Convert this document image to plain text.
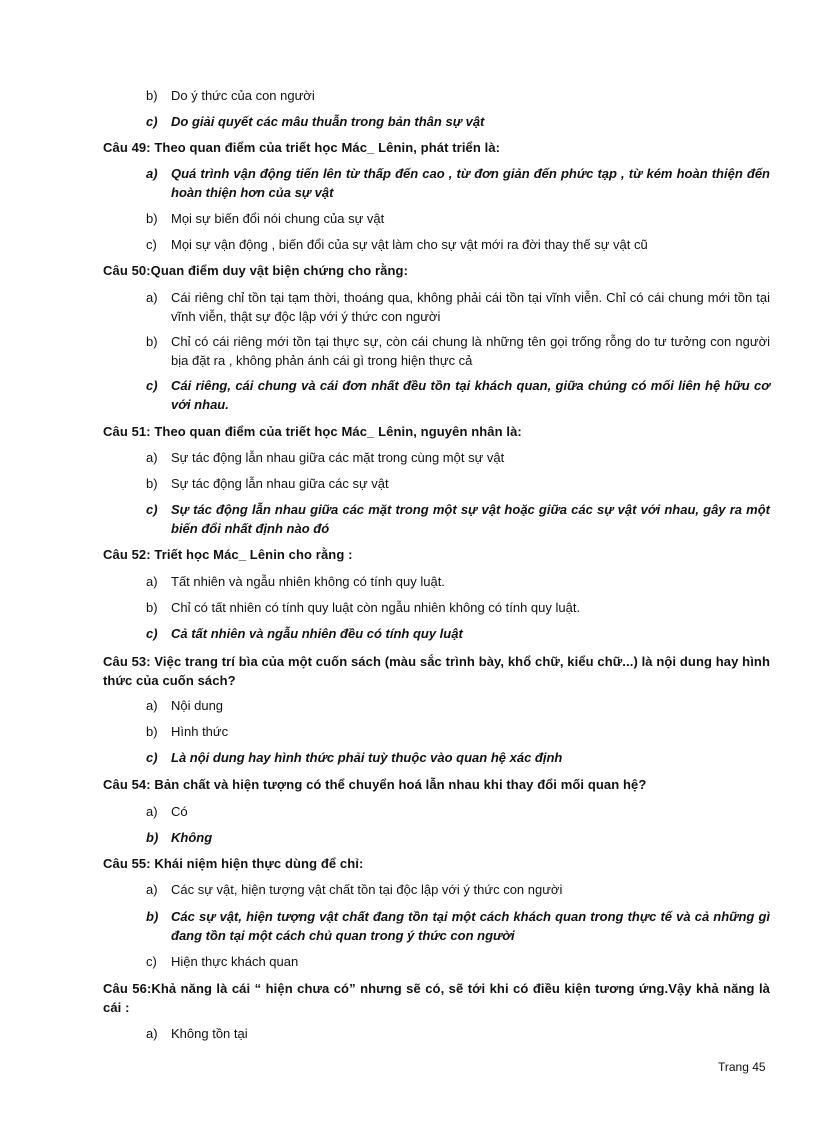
b)	Do ý thức của con người
c)	Do giải quyết các mâu thuẫn trong bản thân sự vật
Câu 49: Theo quan điểm của triết học Mác_ Lênin, phát triển là:
a)	Quá trình vận động tiến lên từ thấp đến cao , từ đơn giản đến phức tạp , từ kém hoàn thiện đến hoàn thiện hơn của sự vật
b)	Mọi sự biến đổi nói chung của sự vật
c)	Mọi sự vận động , biến đổi của sự vật làm cho sự vật mới ra đời thay thế sự vật cũ
Câu 50:Quan điểm duy vật biện chứng cho rằng:
a)	Cái riêng chỉ tồn tại tạm thời, thoáng qua, không phải cái tồn tại vĩnh viễn. Chỉ có cái chung mới tồn tại vĩnh viễn, thật sự độc lập với ý thức con người
b)	Chỉ có cái riêng mới tồn tại thực sự, còn cái chung là những tên gọi trống rỗng do tư tưởng con người bịa đặt ra , không phản ánh cái gì trong hiện thực cả
c)	Cái riêng, cái chung và cái đơn nhất đều tồn tại khách quan, giữa chúng có mối liên hệ hữu cơ với nhau.
Câu 51: Theo quan điểm của triết học Mác_ Lênin, nguyên nhân là:
a)	Sự tác động lẫn nhau giữa các mặt trong cùng một sự vật
b)	Sự tác động lẫn nhau giữa các sự vật
c)	Sự tác động lẫn nhau giữa các mặt trong một sự vật hoặc giữa các sự vật với nhau, gây ra một biến đổi nhất định nào đó
Câu 52: Triết học Mác_ Lênin cho rằng :
a)	Tất nhiên và ngẫu nhiên không có tính quy luật.
b)	Chỉ có tất nhiên có tính quy luật còn ngẫu nhiên không có tính quy luật.
c)	Cả tất nhiên và ngẫu nhiên đều có tính quy luật
Câu 53: Việc trang trí bìa của một cuốn sách (màu sắc trình bày, khổ chữ, kiểu chữ...) là nội dung hay hình thức của cuốn sách?
a)	Nội dung
b)	Hình thức
c)	Là nội dung hay hình thức phải tuỳ thuộc vào quan hệ xác định
Câu 54: Bản chất và hiện tượng có thể chuyển hoá lẫn nhau khi thay đổi mối quan hệ?
a)	Có
b) Không
Câu 55: Khái niệm hiện thực dùng để chỉ:
a)	Các sự vật, hiện tượng vật chất tồn tại độc lập với ý thức con người
b) Các sự vật, hiện tượng vật chất đang tồn tại một cách khách quan trong thực tế và cả những gì đang tồn tại một cách chủ quan trong ý thức con người
c)	Hiện thực khách quan
Câu 56:Khả năng là cái “ hiện chưa có” nhưng sẽ có, sẽ tới khi có điều kiện tương ứng.Vậy khả năng là cái :
a)	Không tồn tại
Trang 45
